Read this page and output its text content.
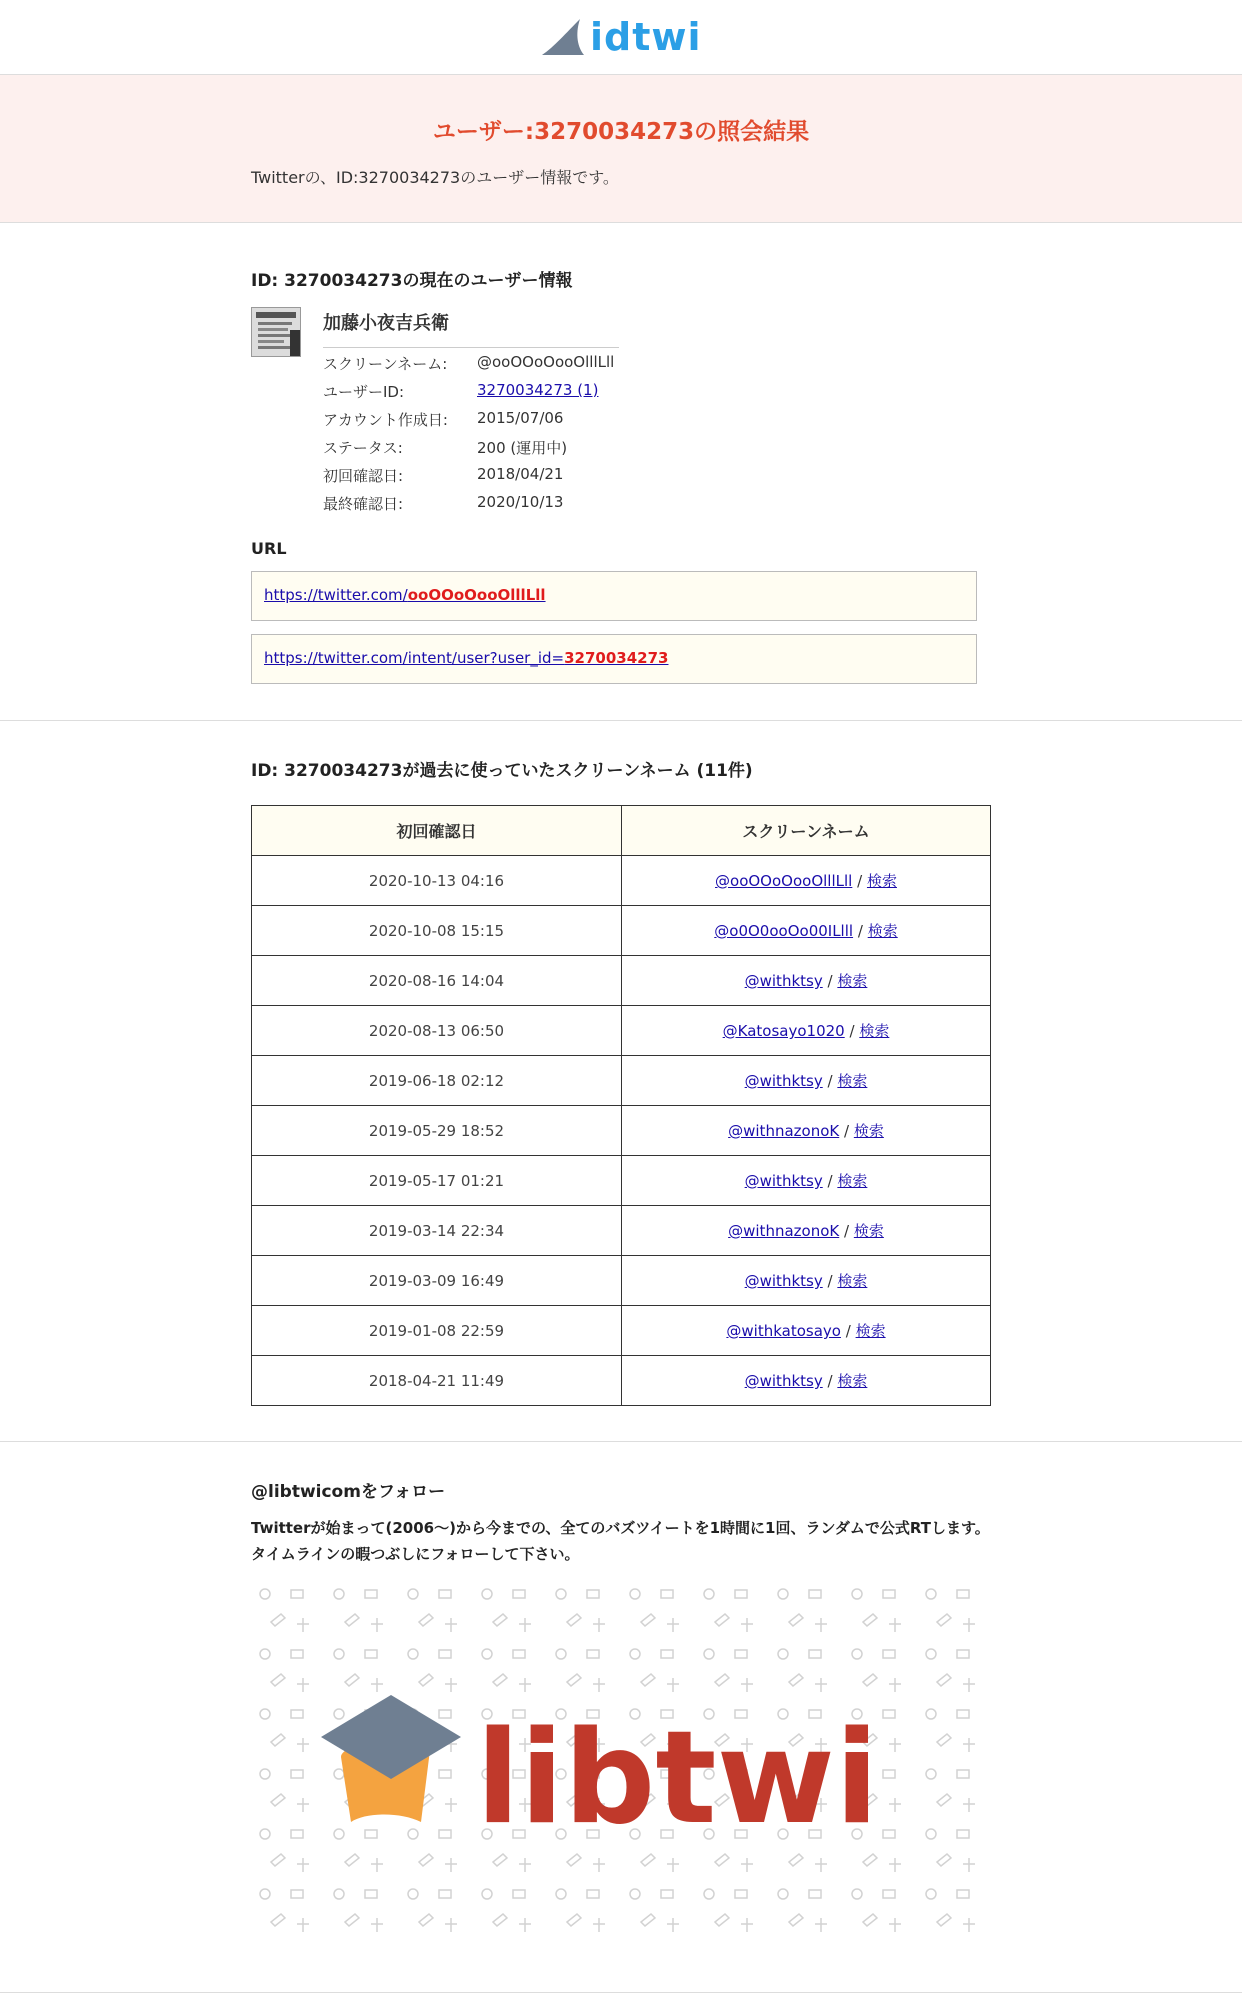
idtwi
ユーザー:3270034273の照会結果
Twitterの、ID:3270034273のユーザー情報です。
ID: 3270034273の現在のユーザー情報
加藤小夜吉兵衛
スクリーンネーム:	@ooOOoOooOlllLll
ユーザーID:	3270034273 (1)
アカウント作成日:	2015/07/06
ステータス:	200 (運用中)
初回確認日:	2018/04/21
最終確認日:	2020/10/13
URL
https://twitter.com/ooOOoOooOlllLll
https://twitter.com/intent/user?user_id=3270034273
ID: 3270034273が過去に使っていたスクリーンネーム (11件)
初回確認日	スクリーンネーム
2020-10-13 04:16	@ooOOoOooOlllLll / 検索
2020-10-08 15:15	@o0O0ooOo00ILlll / 検索
2020-08-16 14:04	@withktsy / 検索
2020-08-13 06:50	@Katosayo1020 / 検索
2019-06-18 02:12	@withktsy / 検索
2019-05-29 18:52	@withnazonoK / 検索
2019-05-17 01:21	@withktsy / 検索
2019-03-14 22:34	@withnazonoK / 検索
2019-03-09 16:49	@withktsy / 検索
2019-01-08 22:59	@withkatosayo / 検索
2018-04-21 11:49	@withktsy / 検索
@libtwicomをフォロー
Twitterが始まって(2006〜)から今までの、全てのバズツイートを1時間に1回、ランダムで公式RTします。タイムラインの暇つぶしにフォローして下さい。
libtwi
